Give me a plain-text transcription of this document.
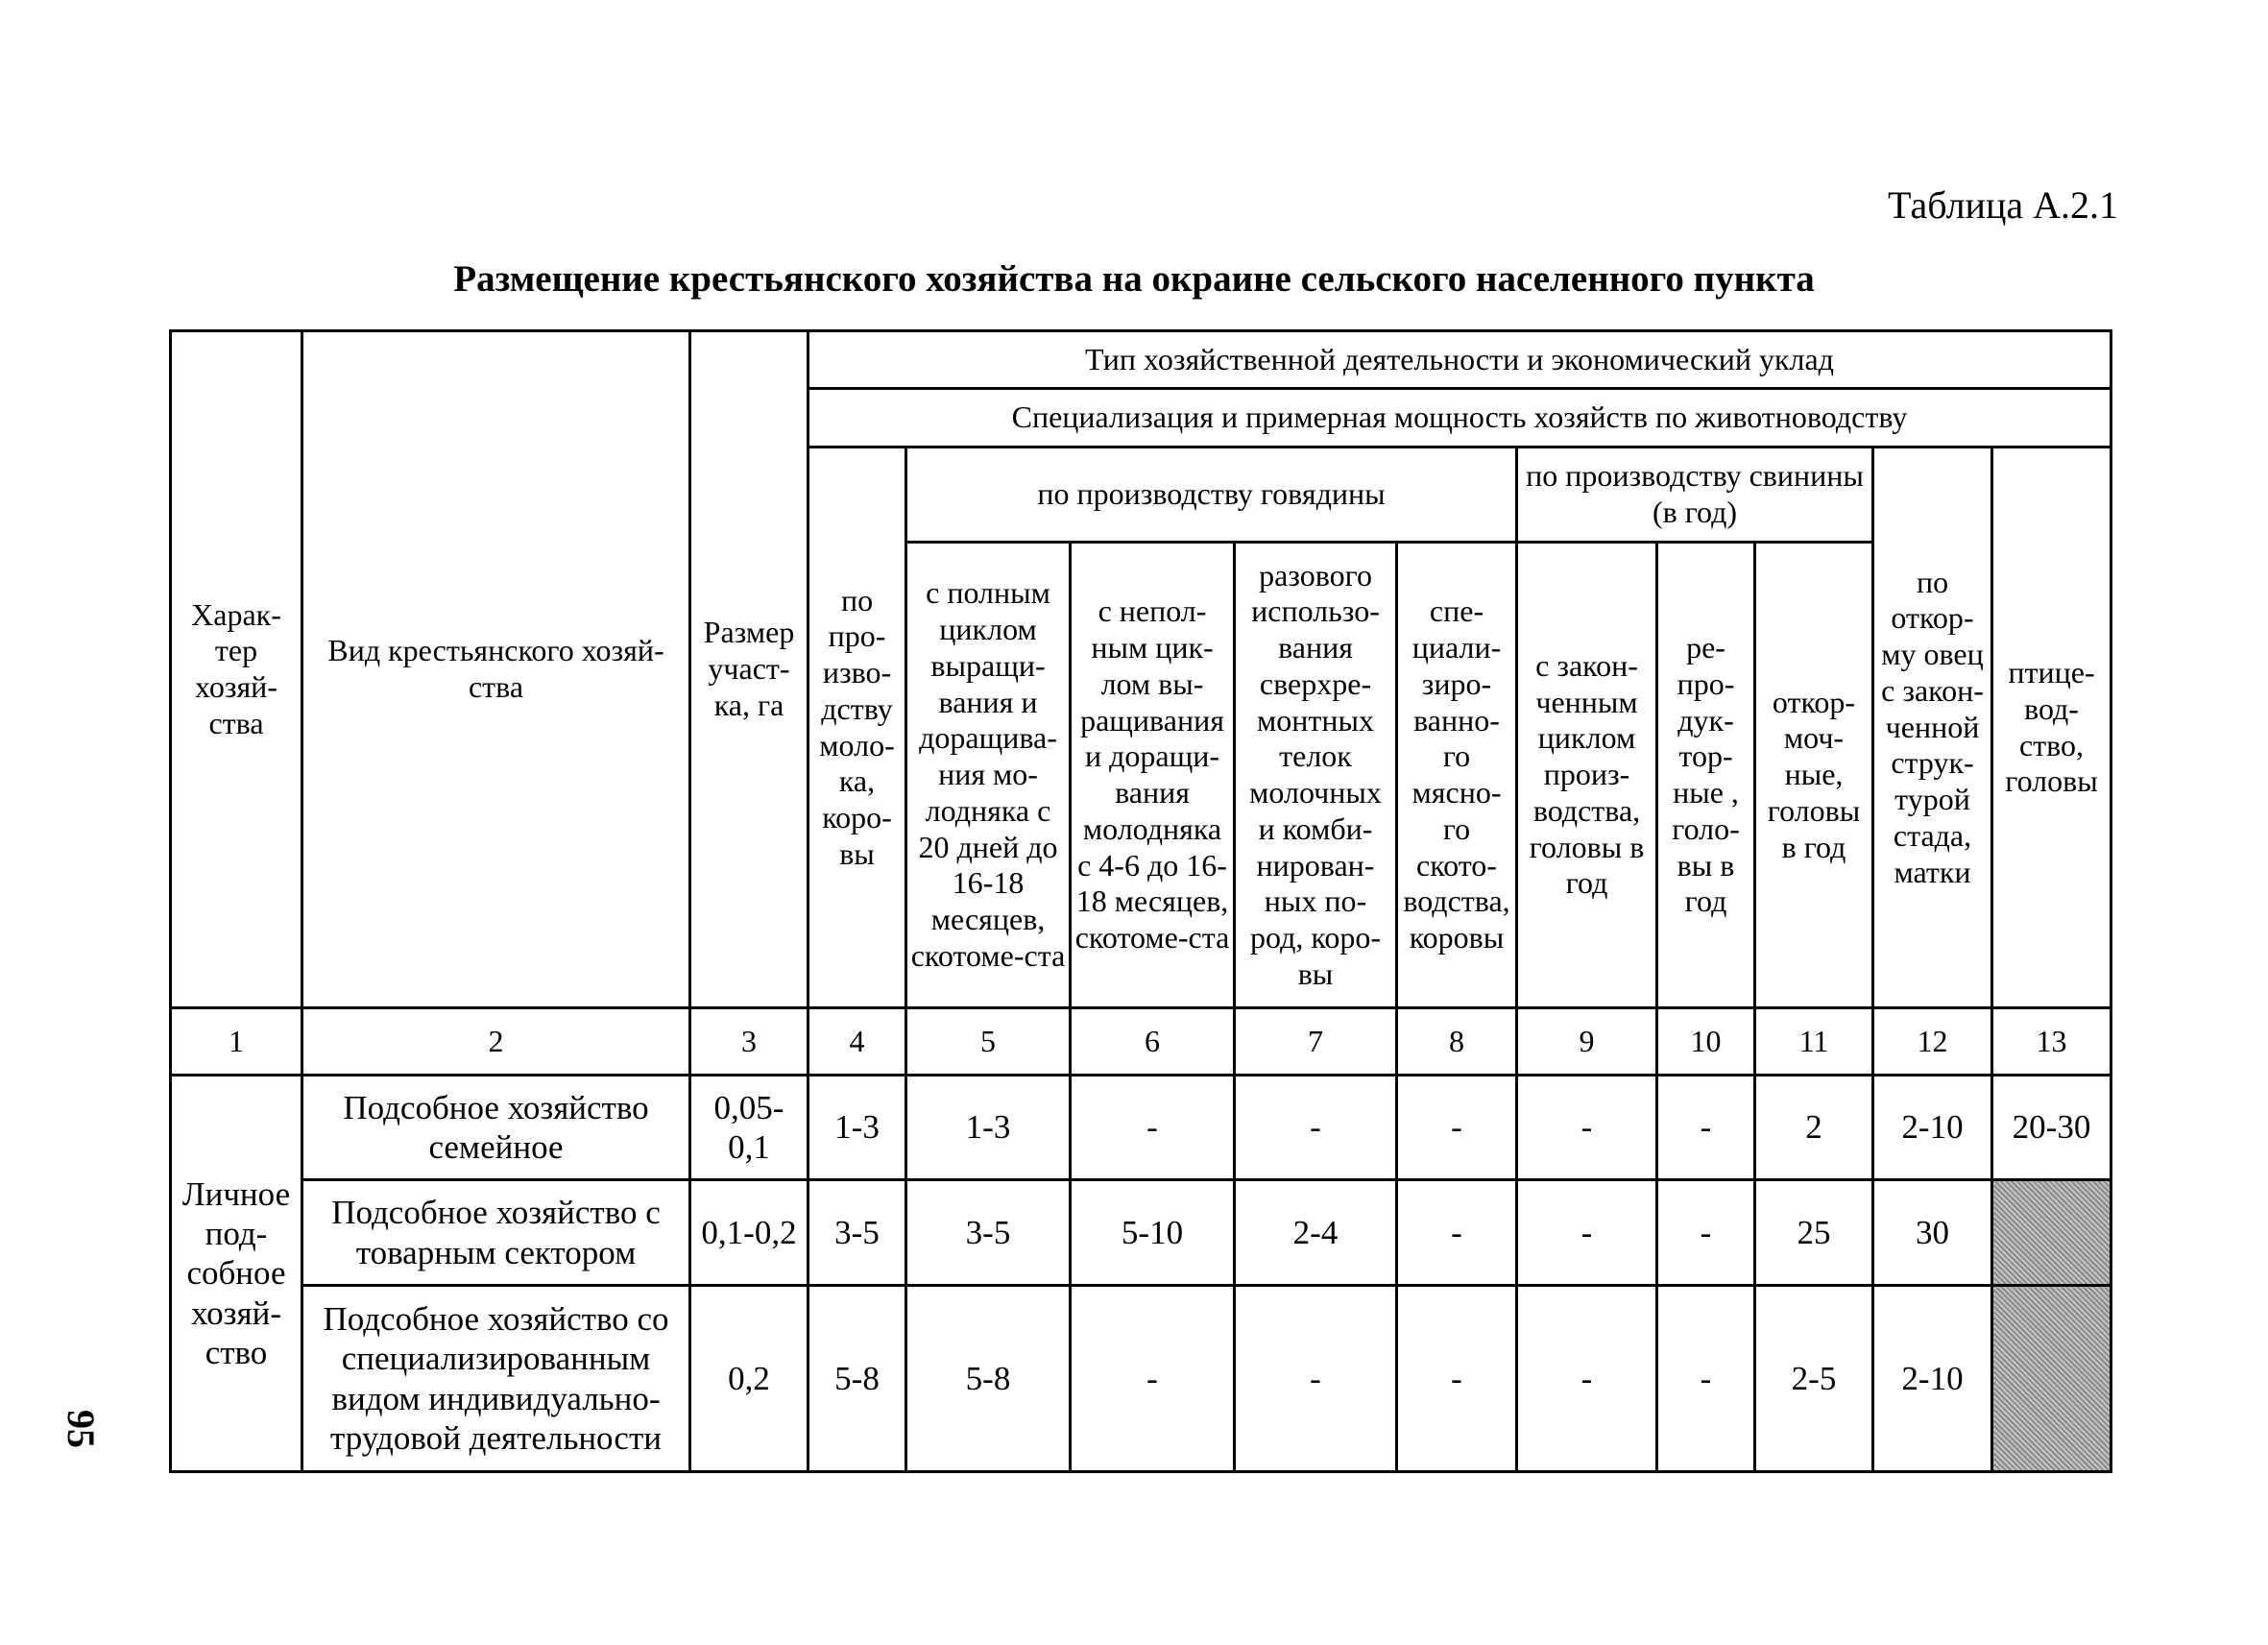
Таблица А.2.1
Размещение крестьянского хозяйства на окраине сельского населенного пункта
95
Харак-тер хозяй-ства	Вид крестьянского хозяй-ства	Размер участ-ка, га	Тип хозяйственной деятельности и экономический уклад									
			Специализация и примерная мощность хозяйств по животноводству									
			по про-изво-дству моло-ка, коро-вы	по производству говядины				по производству свинины (в год)			по откор-му овец с закон-ченной струк-турой стада, матки	птице-вод-ство, головы
				с полным циклом выращи-вания и доращива-ния мо-лодняка с 20 дней до 16-18 месяцев, скотоме-ста	с непол-ным цик-лом вы-ращивания и доращи-вания молодняка с 4-6 до 16-18 месяцев, скотоме-ста	разового использо-вания сверхре-монтных телок молочных и комби-нирован-ных по-род, коро-вы	спе-циали-зиро-ванно-го мясно-го ското-водства, коровы	с закон-ченным циклом произ-водства, головы в год	ре-про-дук-тор-ные , голо-вы в год	откор-моч-ные, головы в год		
1	2	3	4	5	6	7	8	9	10	11	12	13
Личное под-собное хозяй-ство	Подсобное хозяйство семейное	0,05-0,1	1-3	1-3	-	-	-	-	-	2	2-10	20-30
	Подсобное хозяйство с товарным сектором	0,1-0,2	3-5	3-5	5-10	2-4	-	-	-	25	30	
	Подсобное хозяйство со специализированным видом индивидуально-трудовой деятельности	0,2	5-8	5-8	-	-	-	-	-	2-5	2-10	
